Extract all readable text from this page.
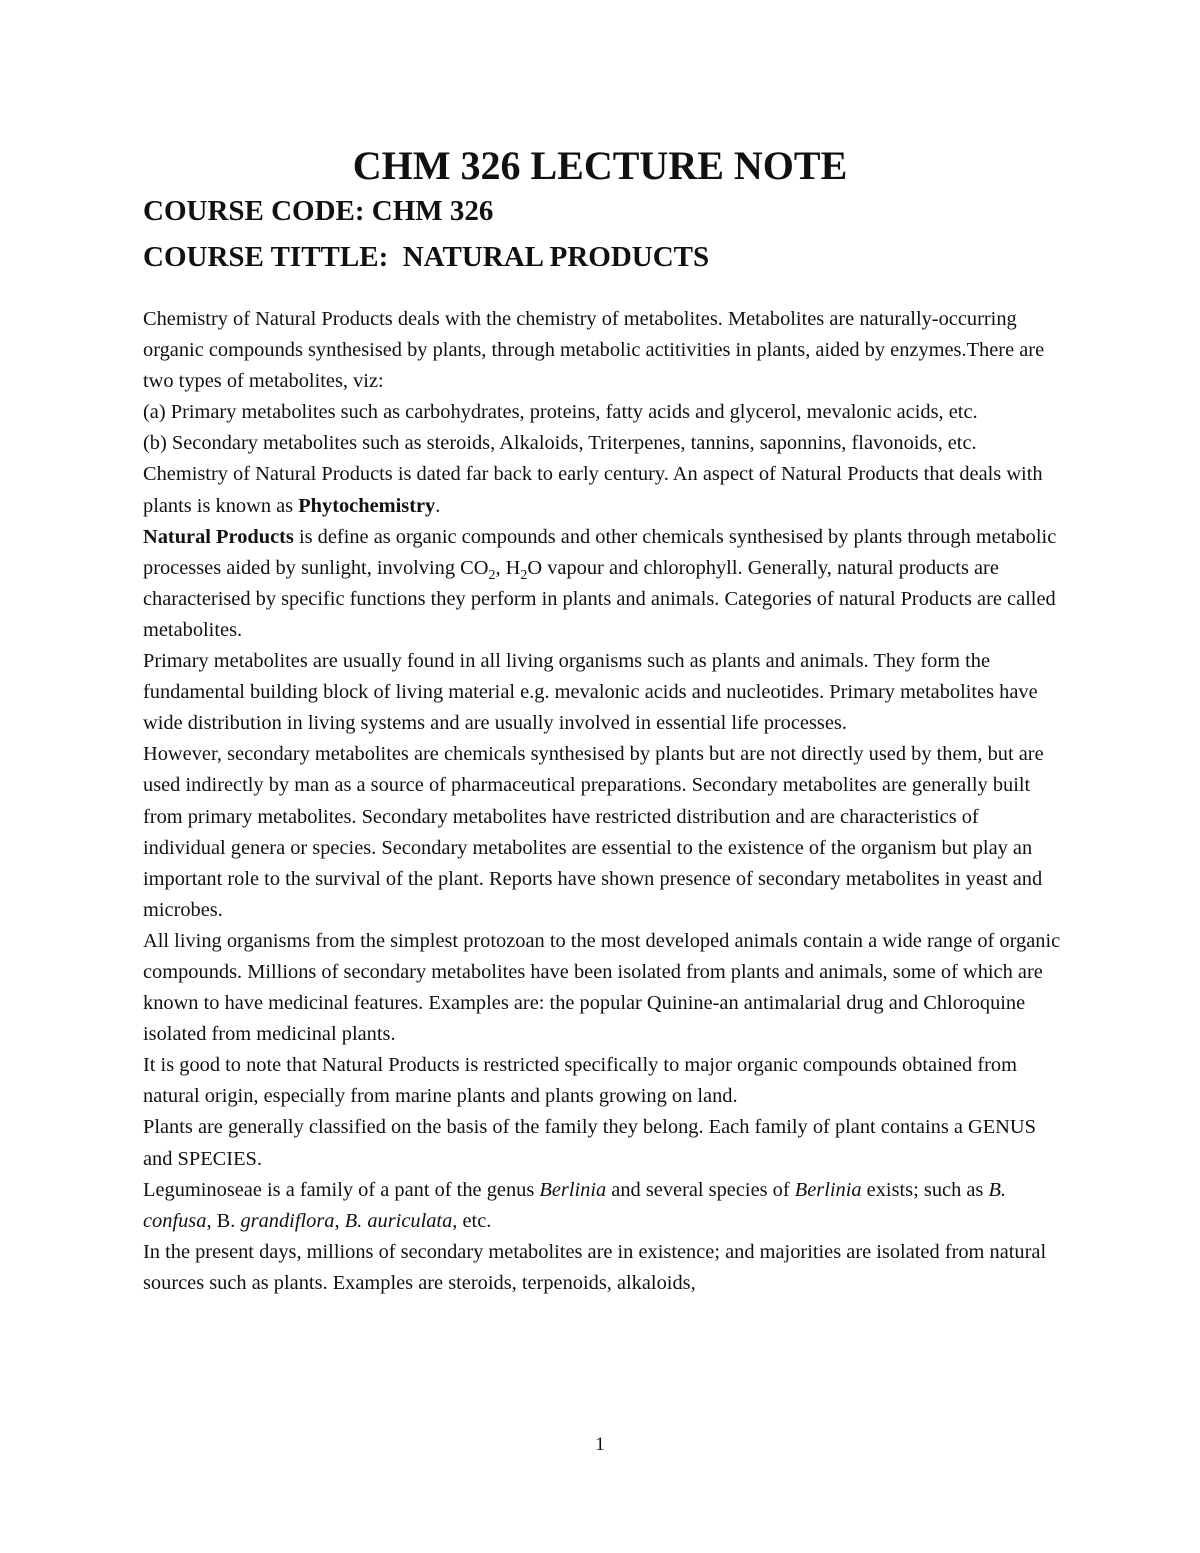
CHM 326 LECTURE NOTE
COURSE CODE: CHM 326
COURSE TITTLE:  NATURAL PRODUCTS

Chemistry of Natural Products deals with the chemistry of metabolites. Metabolites are naturally-occurring organic compounds synthesised by plants, through metabolic actitivities in plants, aided by enzymes.There are two types of metabolites, viz:

(a) Primary metabolites such as carbohydrates, proteins, fatty acids and glycerol, mevalonic acids, etc.

(b) Secondary metabolites such as steroids, Alkaloids, Triterpenes, tannins, saponnins, flavonoids, etc.

Chemistry of Natural Products is dated far back to early century. An aspect of Natural Products that deals with plants is known as Phytochemistry.

Natural Products is define as organic compounds and other chemicals synthesised by plants through metabolic processes aided by sunlight, involving $CO_2$, $H_2O$ vapour and chlorophyll. Generally, natural products are characterised by specific functions they perform in plants and animals. Categories of natural Products are called metabolites.

Primary metabolites are usually found in all living organisms such as plants and animals. They form the fundamental building block of living material e.g. mevalonic acids and nucleotides. Primary metabolites have wide distribution in living systems and are usually involved in essential life processes.

However, secondary metabolites are chemicals synthesised by plants but are not directly used by them, but are used indirectly by man as a source of pharmaceutical preparations. Secondary metabolites are generally built from primary metabolites. Secondary metabolites have restricted distribution and are characteristics of individual genera or species. Secondary metabolites are essential to the existence of the organism but play an important role to the survival of the plant. Reports have shown presence of secondary metabolites in yeast and microbes.

All living organisms from the simplest protozoan to the most developed animals contain a wide range of organic compounds. Millions of secondary metabolites have been isolated from plants and animals, some of which are known to have medicinal features. Examples are: the popular Quinine-an antimalarial drug and Chloroquine isolated from medicinal plants.

It is good to note that Natural Products is restricted specifically to major organic compounds obtained from natural origin, especially from marine plants and plants growing on land.

Plants are generally classified on the basis of the family they belong. Each family of plant contains a GENUS and SPECIES.

Leguminoseae is a family of a pant of the genus Berlinia and several species of Berlinia exists; such as B. confusa, B. grandiflora, B. auriculata, etc.

In the present days, millions of secondary metabolites are in existence; and majorities are isolated from natural sources such as plants. Examples are steroids, terpenoids, alkaloids,

1
